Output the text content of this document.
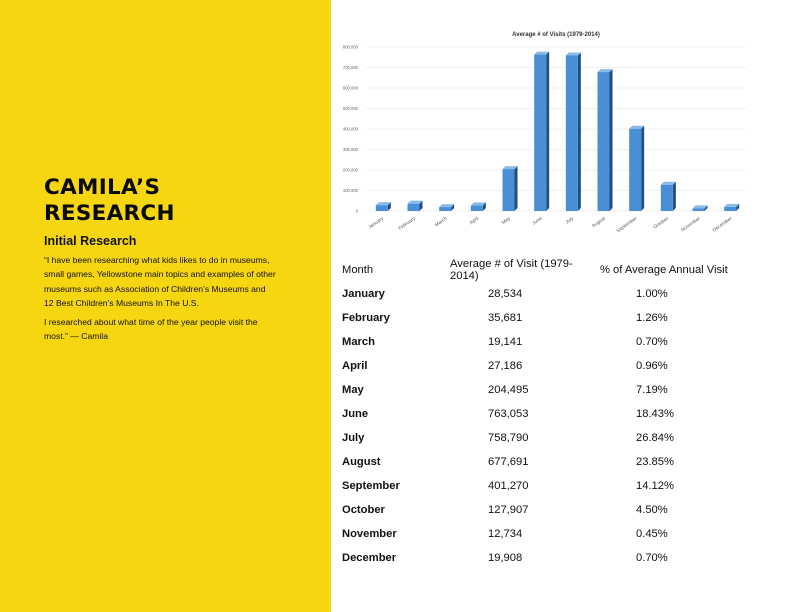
CAMILA’S
RESEARCH
Initial Research

“I have been researching what kids likes to do in museums, small games, Yellowstone main topics and examples of other museums such as Association of Children’s Museums and 12 Best Children’s Museums In The U.S.

I researched about what time of the year people visit the most.” — Camila

Average # of Visits (1979-2014)
0
100,000
200,000
300,000
400,000
500,000
600,000
700,000
800,000
January	February	March	April	May	June	July	August September	October November December
Month	Average # of Visit (1979-2014)	% of Average Annual Visit
January	28,534	1.00%
February	35,681	1.26%
March	19,141	0.70%
April	27,186	0.96%
May	204,495	7.19%
June	763,053	18.43%
July	758,790	26.84%
August	677,691	23.85%
September	401,270	14.12%
October	127,907	4.50%
November	12,734	0.45%
December	19,908	0.70%
